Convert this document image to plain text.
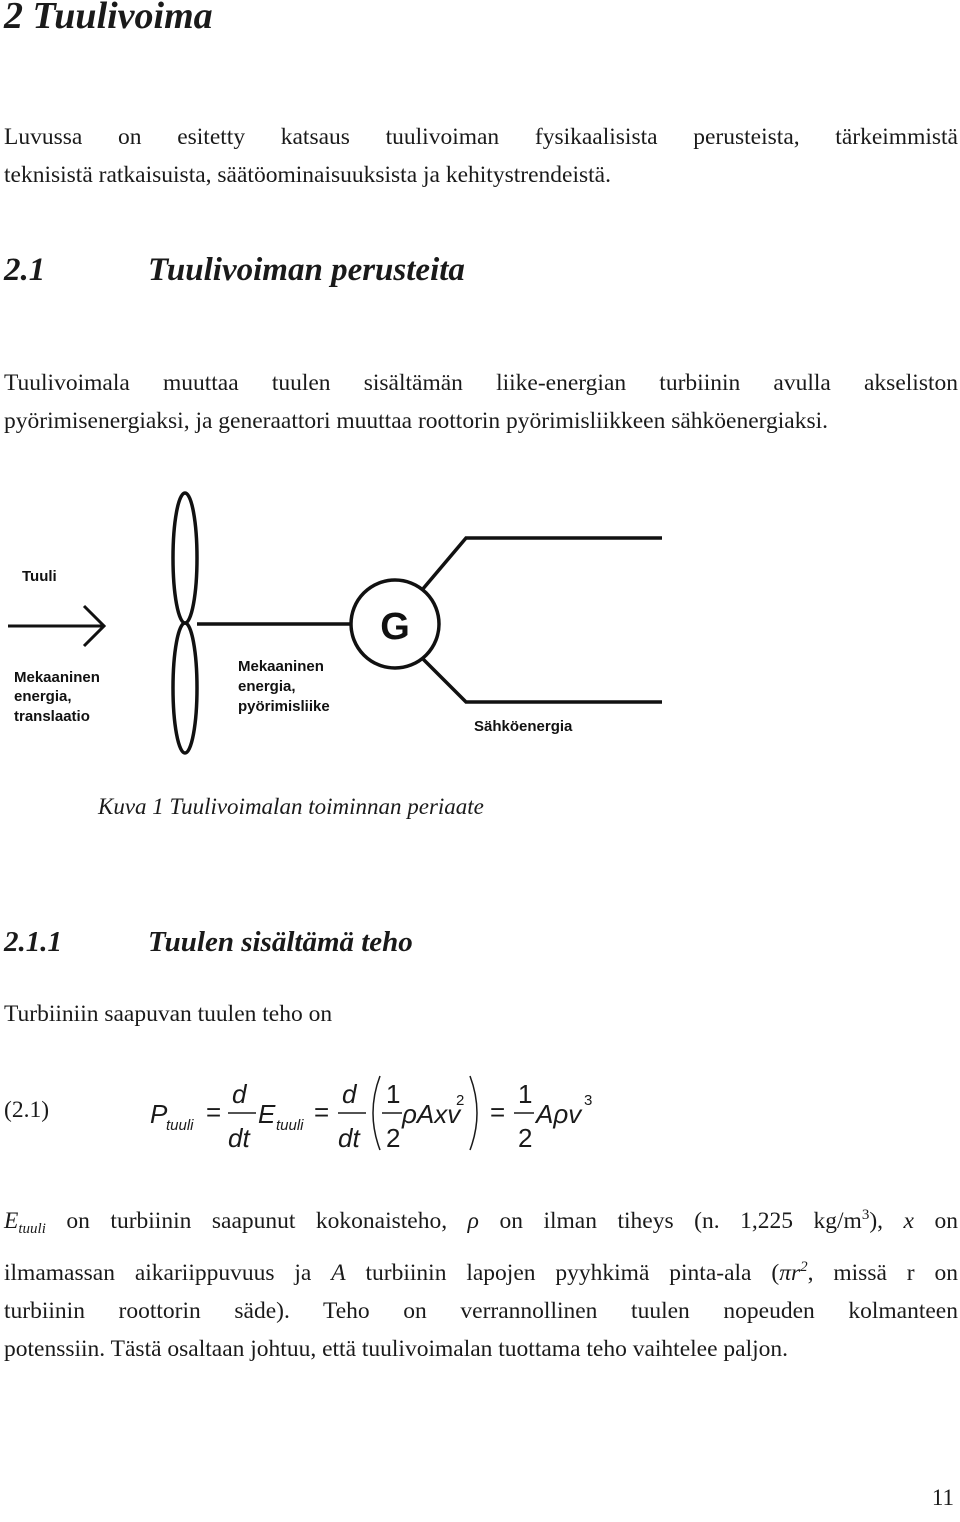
2 Tuulivoima
Luvussa on esitetty katsaus tuulivoiman fysikaalisista perusteista, tärkeimmistä
teknisistä ratkaisuista, säätöominaisuuksista ja kehitystrendeistä.
2.1	Tuulivoiman perusteita
Tuulivoimala muuttaa tuulen sisältämän liike-energian turbiinin avulla akseliston
pyörimisenergiaksi, ja generaattori muuttaa roottorin pyörimisliikkeen sähköenergiaksi.
G
Tuuli
Mekaaninen
energia,
translaatio
Mekaaninen
energia,
pyörimisliike
Sähköenergia
Kuva 1 Tuulivoimalan toiminnan periaate
2.1.1	Tuulen sisältämä teho
Turbiiniin saapuvan tuulen teho on
(2.1)	P
tuuli =
d
dt
E tuuli =
d
dt
1
2
ρAxv
2 =
1
2
Aρv 3
$E_{tuuli}$ on turbiinin saapunut kokonaisteho, ρ on ilman tiheys (n. 1,225 $kg/m^3$), x on
ilmamassan aikariippuvuus ja A turbiinin lapojen pyyhkimä pinta-ala ($\pi r^2$, missä r on
turbiinin roottorin säde). Teho on verrannollinen tuulen nopeuden kolmanteen
potenssiin. Tästä osaltaan johtuu, että tuulivoimalan tuottama teho vaihtelee paljon.
11
